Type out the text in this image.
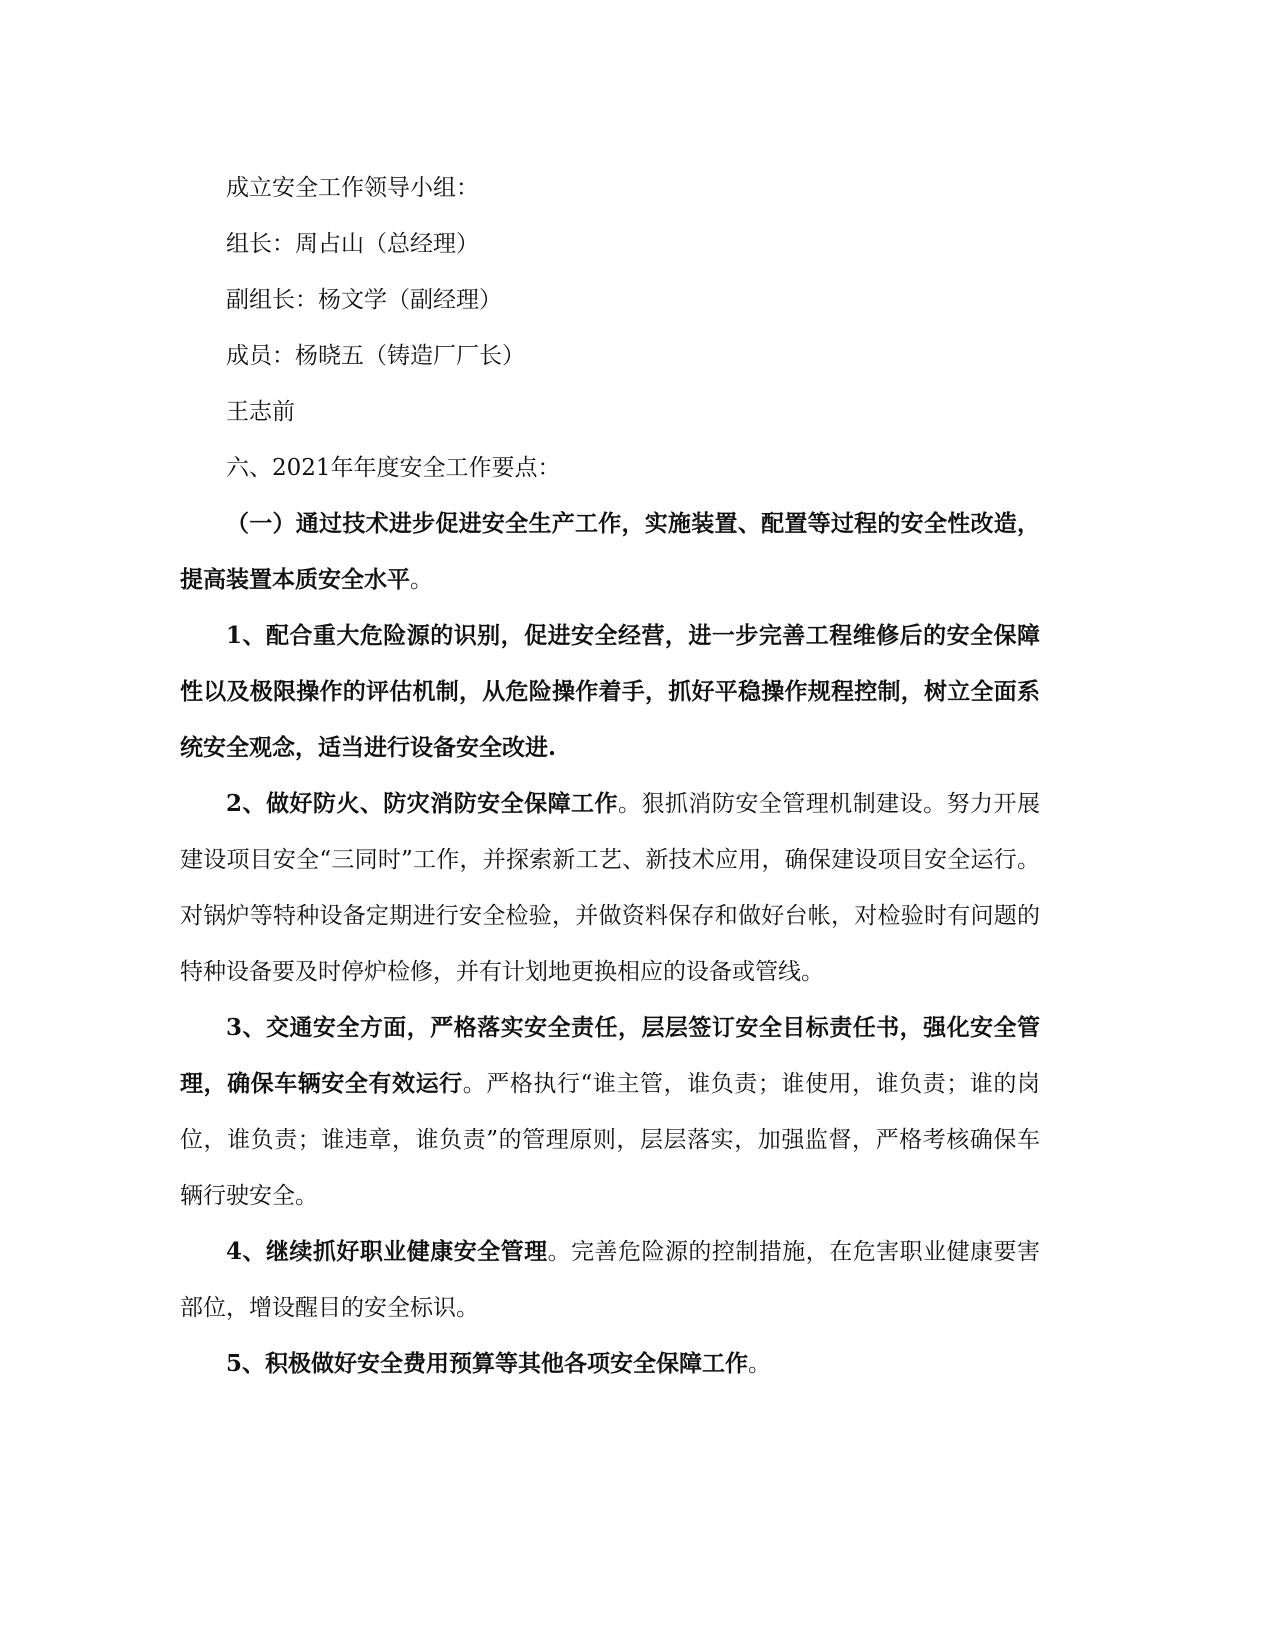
成立安全工作领导小组：

组长：周占山（总经理）

副组长：杨文学（副经理）

成员：杨晓五（铸造厂厂长）

王志前

六、2021年年度安全工作要点：

（一）通过技术进步促进安全生产工作，实施装置、配置等过程的安全性改造，提高装置本质安全水平。

1、配合重大危险源的识别，促进安全经营，进一步完善工程维修后的安全保障性以及极限操作的评估机制，从危险操作着手，抓好平稳操作规程控制，树立全面系统安全观念，适当进行设备安全改进.

2、做好防火、防灾消防安全保障工作。狠抓消防安全管理机制建设。努力开展建设项目安全“三同时”工作，并探索新工艺、新技术应用，确保建设项目安全运行。对锅炉等特种设备定期进行安全检验，并做资料保存和做好台帐，对检验时有问题的特种设备要及时停炉检修，并有计划地更换相应的设备或管线。

3、交通安全方面，严格落实安全责任，层层签订安全目标责任书，强化安全管理，确保车辆安全有效运行。严格执行“谁主管，谁负责；谁使用，谁负责；谁的岗位，谁负责；谁违章，谁负责”的管理原则，层层落实，加强监督，严格考核确保车辆行驶安全。

4、继续抓好职业健康安全管理。完善危险源的控制措施，在危害职业健康要害部位，增设醒目的安全标识。

5、积极做好安全费用预算等其他各项安全保障工作。
